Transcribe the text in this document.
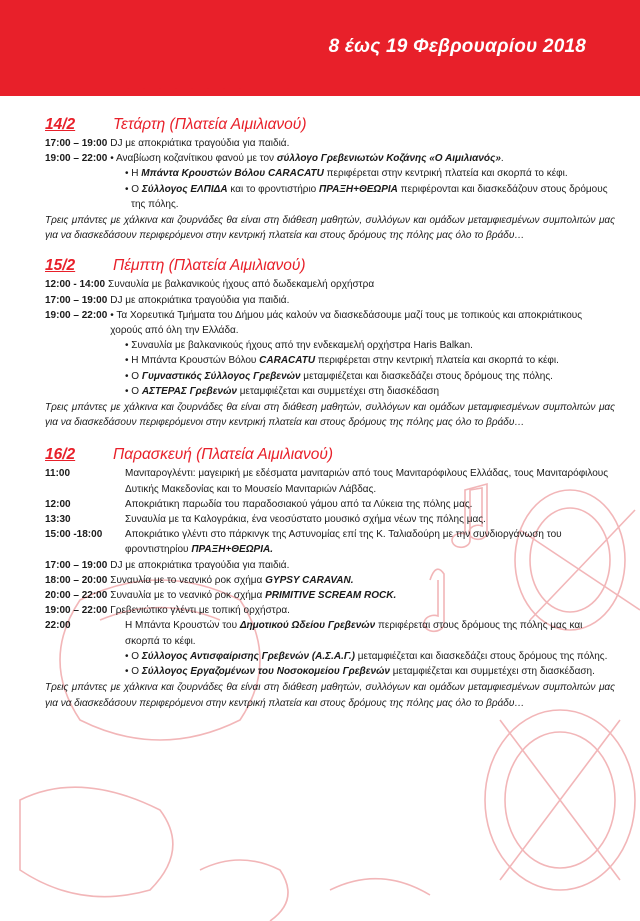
8 έως 19 Φεβρουαρίου 2018
14/2	Τετάρτη (Πλατεία Αιμιλιανού)
17:00 – 19:00 DJ με αποκριάτικα τραγούδια για παιδιά.
19:00 – 22:00 • Αναβίωση κοζανίτικου φανού με τον σύλλογο Γρεβενιωτών Κοζάνης «Ο Αιμιλιανός».
• Η Μπάντα Κρουστών Βόλου CARACATU περιφέρεται στην κεντρική πλατεία και σκορπά το κέφι.
• Ο Σύλλογος ΕΛΠΙΔΑ και το φροντιστήριο ΠΡΑΞΗ+ΘΕΩΡΙΑ περιφέρονται και διασκεδάζουν στους δρόμους της πόλης.
Τρεις μπάντες με χάλκινα και ζουρνάδες θα είναι στη διάθεση μαθητών, συλλόγων και ομάδων μεταμφιεσμένων συμπολιτών μας για να διασκεδάσουν περιφερόμενοι στην κεντρική πλατεία και στους δρόμους της πόλης μας όλο το βράδυ…
15/2	Πέμπτη (Πλατεία Αιμιλιανού)
12:00 - 14:00 Συναυλία με βαλκανικούς ήχους από δωδεκαμελή ορχήστρα
17:00 – 19:00 DJ με αποκριάτικα τραγούδια για παιδιά.
19:00 – 22:00 • Τα Χορευτικά Τμήματα του Δήμου μάς καλούν να διασκεδάσουμε μαζί τους με τοπικούς και αποκριάτικους χορούς από όλη την Ελλάδα.
• Συναυλία με βαλκανικούς ήχους από την ενδεκαμελή ορχήστρα Haris Balkan.
• Η Μπάντα Κρουστών Βόλου CARACATU περιφέρεται στην κεντρική πλατεία και σκορπά το κέφι.
• Ο Γυμναστικός Σύλλογος Γρεβενών μεταμφιέζεται και διασκεδάζει στους δρόμους της πόλης.
• Ο ΑΣΤΕΡΑΣ Γρεβενών μεταμφιέζεται και συμμετέχει στη διασκέδαση
Τρεις μπάντες με χάλκινα και ζουρνάδες θα είναι στη διάθεση μαθητών, συλλόγων και ομάδων μεταμφιεσμένων συμπολιτών μας για να διασκεδάσουν περιφερόμενοι στην κεντρική πλατεία και στους δρόμους της πόλης μας όλο το βράδυ…
16/2	Παρασκευή (Πλατεία Αιμιλιανού)
11:00	Μανιταρογλέντι: μαγειρική με εδέσματα μανιταριών από τους Μανιταρόφιλους Ελλάδας, τους Μανιταρόφιλους Δυτικής Μακεδονίας και το Μουσείο Μανιταριών Λάβδας.
12:00	Αποκριάτικη παρωδία του παραδοσιακού γάμου από τα Λύκεια της πόλης μας.
13:30	Συναυλία με τα Καλογράκια, ένα νεοσύστατο μουσικό σχήμα νέων της πόλης μας.
15:00 -18:00	Αποκριάτικο γλέντι στο πάρκινγκ της Αστυνομίας επί της Κ. Ταλιαδούρη με την συνδιοργάνωση του φροντιστηρίου ΠΡΑΞΗ+ΘΕΩΡΙΑ.
17:00 – 19:00 DJ με αποκριάτικα τραγούδια για παιδιά.
18:00 – 20:00 Συναυλία με το νεανικό ροκ σχήμα GYPSY CARAVAN.
20:00 – 22:00 Συναυλία με το νεανικό ροκ σχήμα PRIMITIVE SCREAM ROCK.
19:00 – 22:00 Γρεβενιώτικο γλέντι με τοπική ορχήστρα.
22:00	Η Μπάντα Κρουστών του Δημοτικού Ωδείου Γρεβενών περιφέρεται στους δρόμους της πόλης μας και σκορπά το κέφι.
• Ο Σύλλογος Αντισφαίρισης Γρεβενών (Α.Σ.Α.Γ.) μεταμφιέζεται και διασκεδάζει στους δρόμους της πόλης.
• Ο Σύλλογος Εργαζομένων του Νοσοκομείου Γρεβενών μεταμφιέζεται και συμμετέχει στη διασκέδαση.
Τρεις μπάντες με χάλκινα και ζουρνάδες θα είναι στη διάθεση μαθητών, συλλόγων και ομάδων μεταμφιεσμένων συμπολιτών μας για να διασκεδάσουν περιφερόμενοι στην κεντρική πλατεία και στους δρόμους της πόλης μας όλο το βράδυ…
